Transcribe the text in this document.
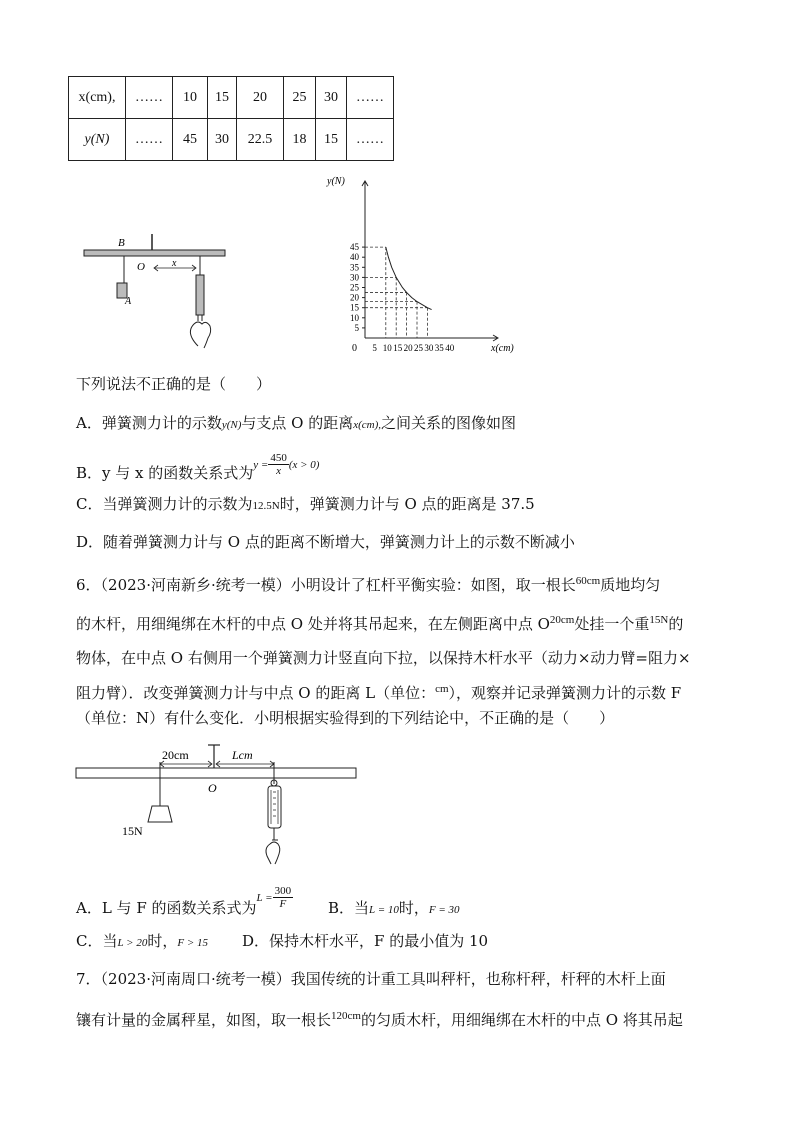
x(cm),	……	10	15	20	25	30	……
y(N)	……	45	30	22.5	18	15	……
B
O	x
A
5 10 15 20 25 30 35 40
5
10
15
20
25
30
35
40
45
y(N)
x(cm)
0
下列说法不正确的是（　　）
A．弹簧测力计的示数y(N)与支点 O 的距离x(cm),之间关系的图像如图
B．y 与 x 的函数关系式为$y = \frac{450}{x} (x > 0)$
C．当弹簧测力计的示数为12.5N时，弹簧测力计与 O 点的距离是 37.5
D．随着弹簧测力计与 O 点的距离不断增大，弹簧测力计上的示数不断减小
6．（2023·河南新乡·统考一模）小明设计了杠杆平衡实验：如图，取一根长$^{60cm}$质地均匀
的木杆，用细绳绑在木杆的中点 O 处并将其吊起来，在左侧距离中点 $O^{20cm}$处挂一个重$^{15N}$的
物体，在中点 O 右侧用一个弹簧测力计竖直向下拉，以保持木杆水平（动力×动力臂=阻力×
阻力臂）．改变弹簧测力计与中点 O 的距离 L（单位：$^{cm}$），观察并记录弹簧测力计的示数 F
（单位：N）有什么变化．小明根据实验得到的下列结论中，不正确的是（　　）
20cm	Lcm
O
15N
A．L 与 F 的函数关系式为$L = \frac{300}{F}$ B．当L = 10时，F = 30
C．当L > 20时，F > 15 D．保持木杆水平，F 的最小值为 10
7．（2023·河南周口·统考一模）我国传统的计重工具叫秤杆，也称杆秤，杆秤的木杆上面
镶有计量的金属秤星，如图，取一根长$^{120cm}$的匀质木杆，用细绳绑在木杆的中点 O 将其吊起
